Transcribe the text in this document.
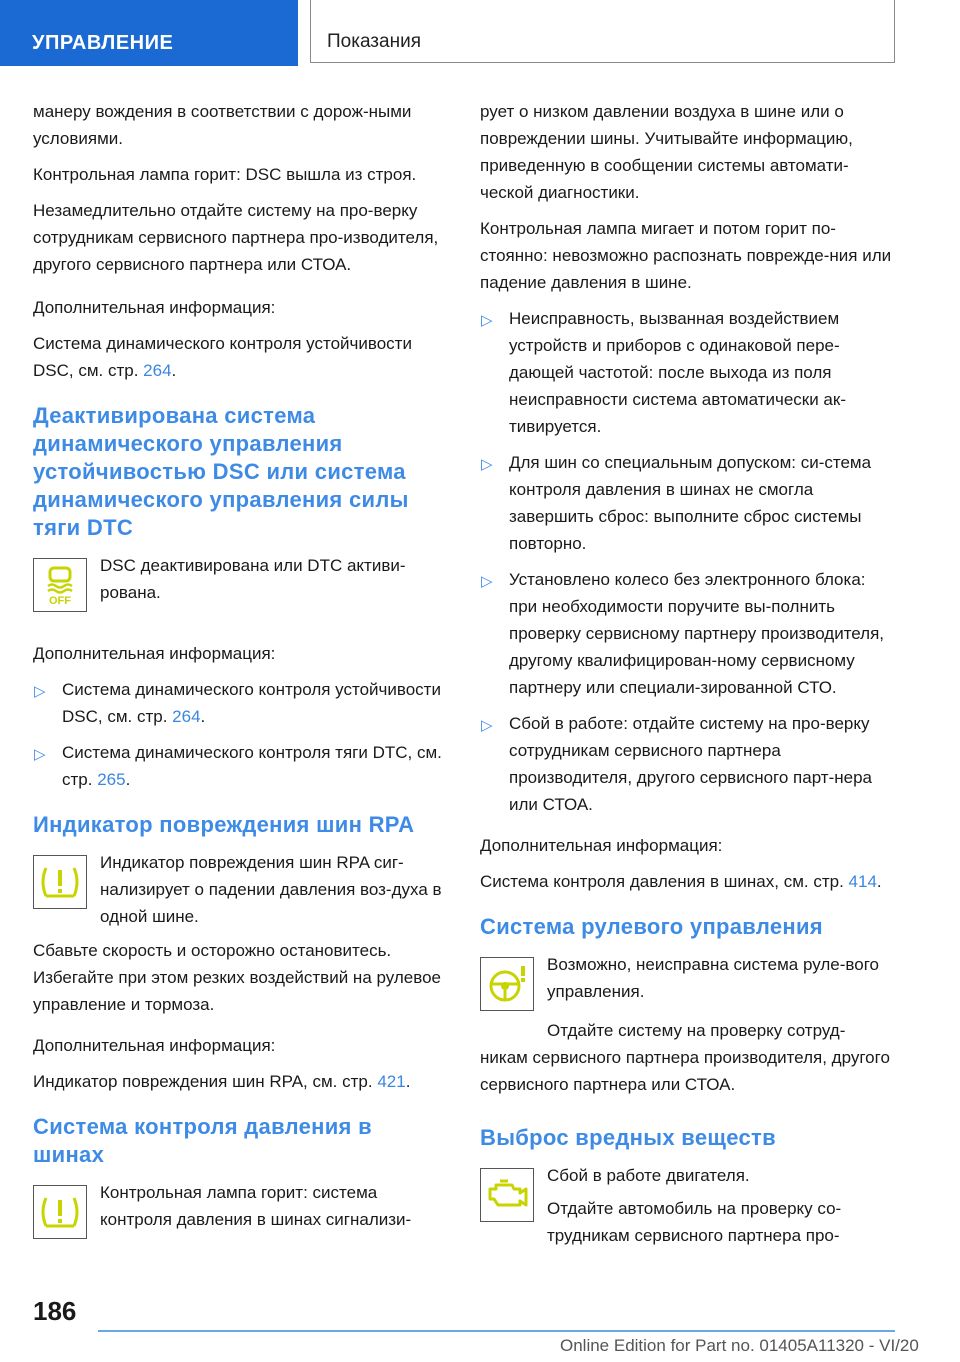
УПРАВЛЕНИЕ	Показания

манеру вождения в соответствии с дорож-ными условиями.

Контрольная лампа горит: DSC вышла из строя.

Незамедлительно отдайте систему на про-верку сотрудникам сервисного партнера про-изводителя, другого сервисного партнера или СТОА.

Дополнительная информация:

Система динамического контроля устойчивости DSC, см. стр. 264.

Деактивирована система динамического управления устойчивостью DSC или система динамического управления силы тяги DTC
OFF

DSC деактивирована или DTC активи-рована.

Дополнительная информация:

▷ Система динамического контроля устойчивости DSC, см. стр. 264.
▷ Система динамического контроля тяги DTC, см. стр. 265.
Индикатор повреждения шин RPA

Индикатор повреждения шин RPA сиг-нализирует о падении давления воз-духа в одной шине.

Сбавьте скорость и осторожно остановитесь. Избегайте при этом резких воздействий на рулевое управление и тормоза.

Дополнительная информация:

Индикатор повреждения шин RPA, см. стр. 421.

Система контроля давления в шинах

Контрольная лампа горит: система контроля давления в шинах сигнализи-

рует о низком давлении воздуха в шине или о повреждении шины. Учитывайте информацию, приведенную в сообщении системы автомати-ческой диагностики.

Контрольная лампа мигает и потом горит по-стоянно: невозможно распознать поврежде-ния или падение давления в шине.

▷ Неисправность, вызванная воздействием устройств и приборов с одинаковой пере-дающей частотой: после выхода из поля неисправности система автоматически ак-тивируется.
▷ Для шин со специальным допуском: си-стема контроля давления в шинах не смогла завершить сброс: выполните сброс системы повторно.
▷ Установлено колесо без электронного блока: при необходимости поручите вы-полнить проверку сервисному партнеру производителя, другому квалифицирован-ному сервисному партнеру или специали-зированной СТО.
▷ Сбой в работе: отдайте систему на про-верку сотрудникам сервисного партнера производителя, другого сервисного парт-нера или СТОА.

Дополнительная информация:

Система контроля давления в шинах, см. стр. 414.

Система рулевого управления

Возможно, неисправна система руле-вого управления.

Отдайте систему на проверку сотруд-никам сервисного партнера производителя, другого сервисного партнера или СТОА.

Выброс вредных веществ

Сбой в работе двигателя.

Отдайте автомобиль на проверку со-трудникам сервисного партнера про-

186
Online Edition for Part no. 01405A11320 - VI/20
